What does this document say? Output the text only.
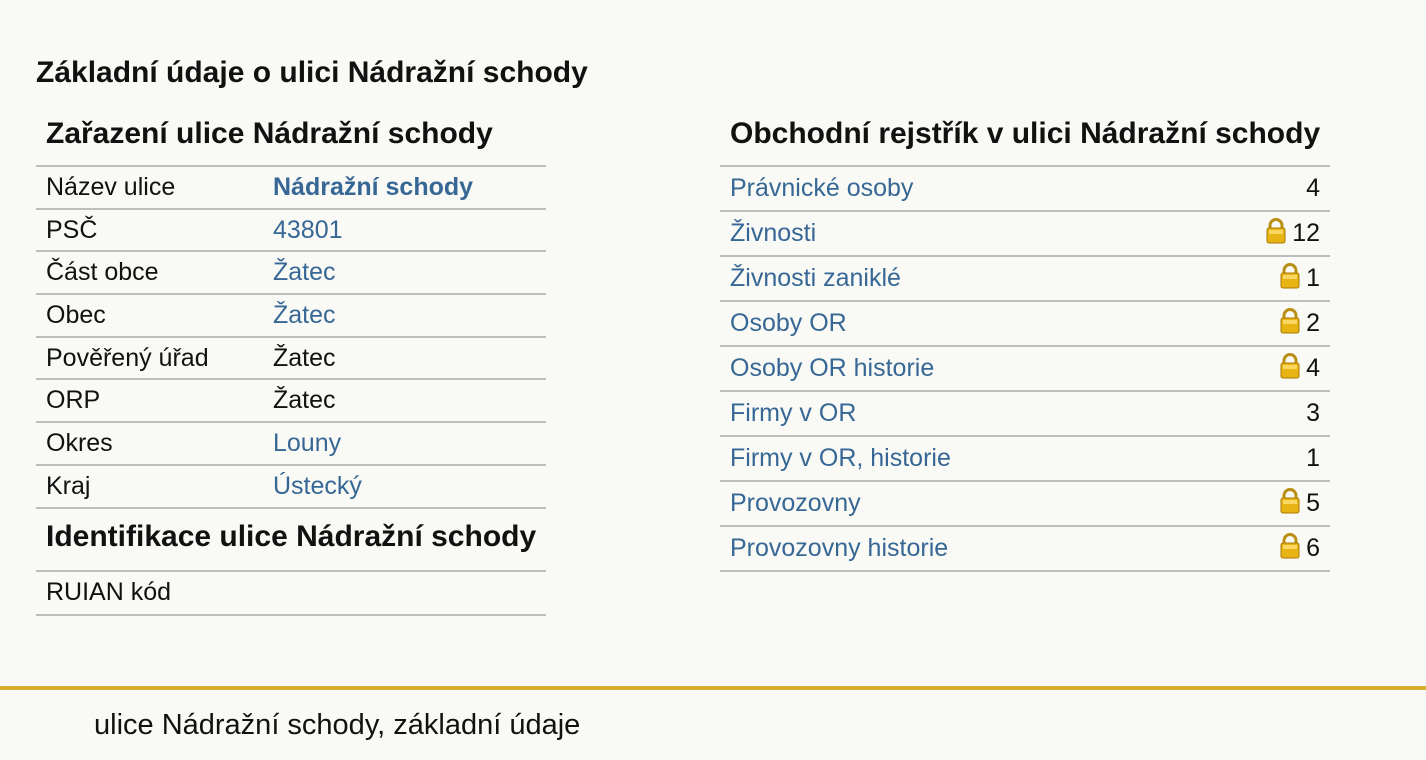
Základní údaje o ulici Nádražní schody
Zařazení ulice Nádražní schody
Název ulice	Nádražní schody
PSČ	43801
Část obce	Žatec
Obec	Žatec
Pověřený úřad	Žatec
ORP	Žatec
Okres	Louny
Kraj	Ústecký
Identifikace ulice Nádražní schody
RUIAN kód
Obchodní rejstřík v ulici Nádražní schody
Právnické osoby	4
Živnosti	12
Živnosti zaniklé	1
Osoby OR	2
Osoby OR historie	4
Firmy v OR	3
Firmy v OR, historie	1
Provozovny	5
Provozovny historie	6
ulice Nádražní schody, základní údaje
